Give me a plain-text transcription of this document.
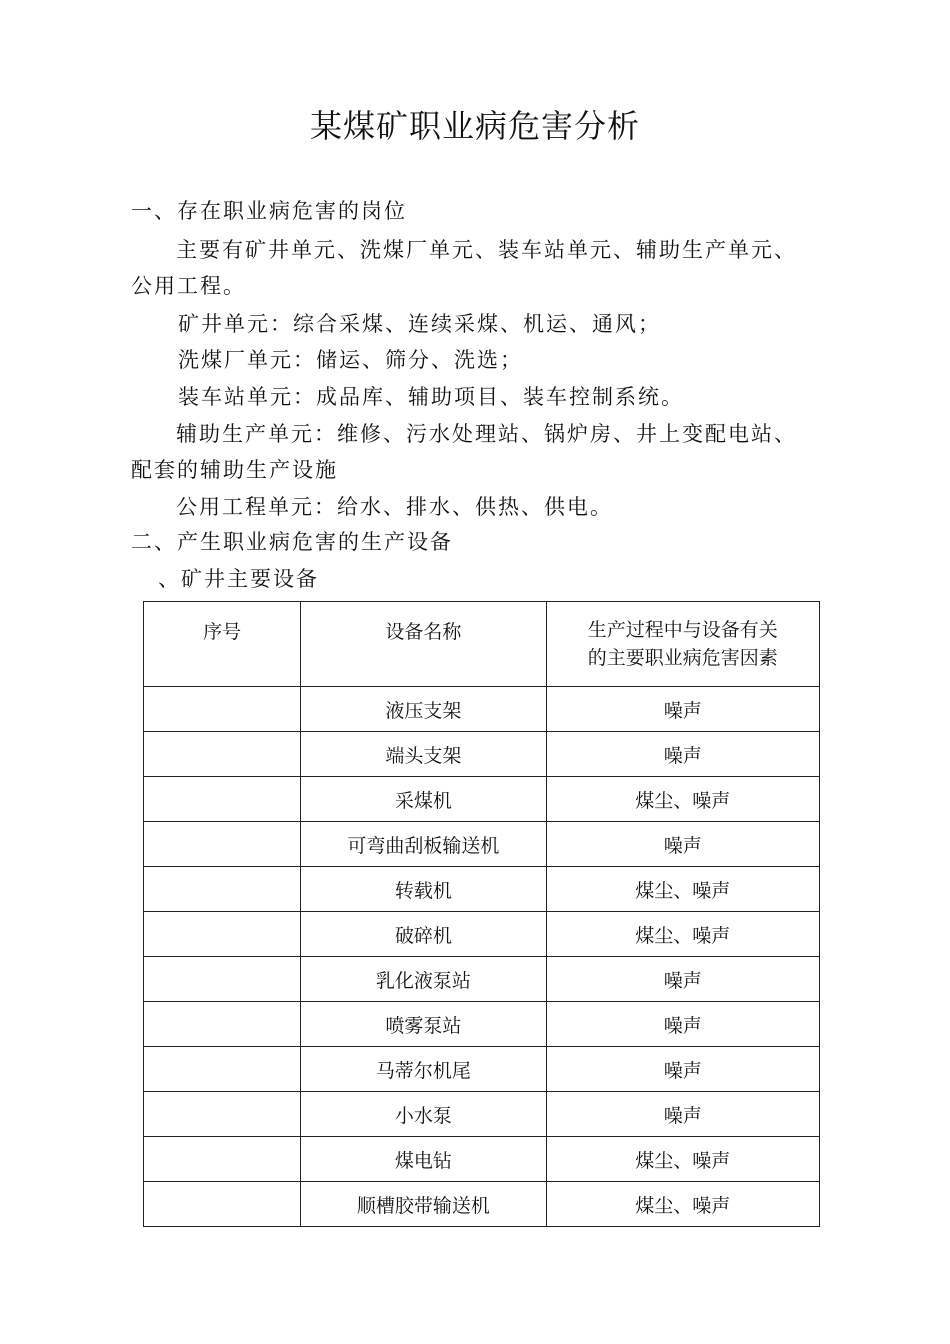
某煤矿职业病危害分析
一、存在职业病危害的岗位
主要有矿井单元、洗煤厂单元、装车站单元、辅助生产单元、
公用工程。
矿井单元：综合采煤、连续采煤、机运、通风；
洗煤厂单元：储运、筛分、洗选；
装车站单元：成品库、辅助项目、装车控制系统。
辅助生产单元：维修、污水处理站、锅炉房、井上变配电站、
配套的辅助生产设施
公用工程单元：给水、排水、供热、供电。
二、产生职业病危害的生产设备
、矿井主要设备
序号	设备名称	生产过程中与设备有关
的主要职业病危害因素

	液压支架	噪声
	端头支架	噪声
	采煤机	煤尘、噪声
	可弯曲刮板输送机	噪声
	转载机	煤尘、噪声
	破碎机	煤尘、噪声
	乳化液泵站	噪声
	喷雾泵站	噪声
	马蒂尔机尾	噪声
	小水泵	噪声
	煤电钻	煤尘、噪声
	顺槽胶带输送机	煤尘、噪声
